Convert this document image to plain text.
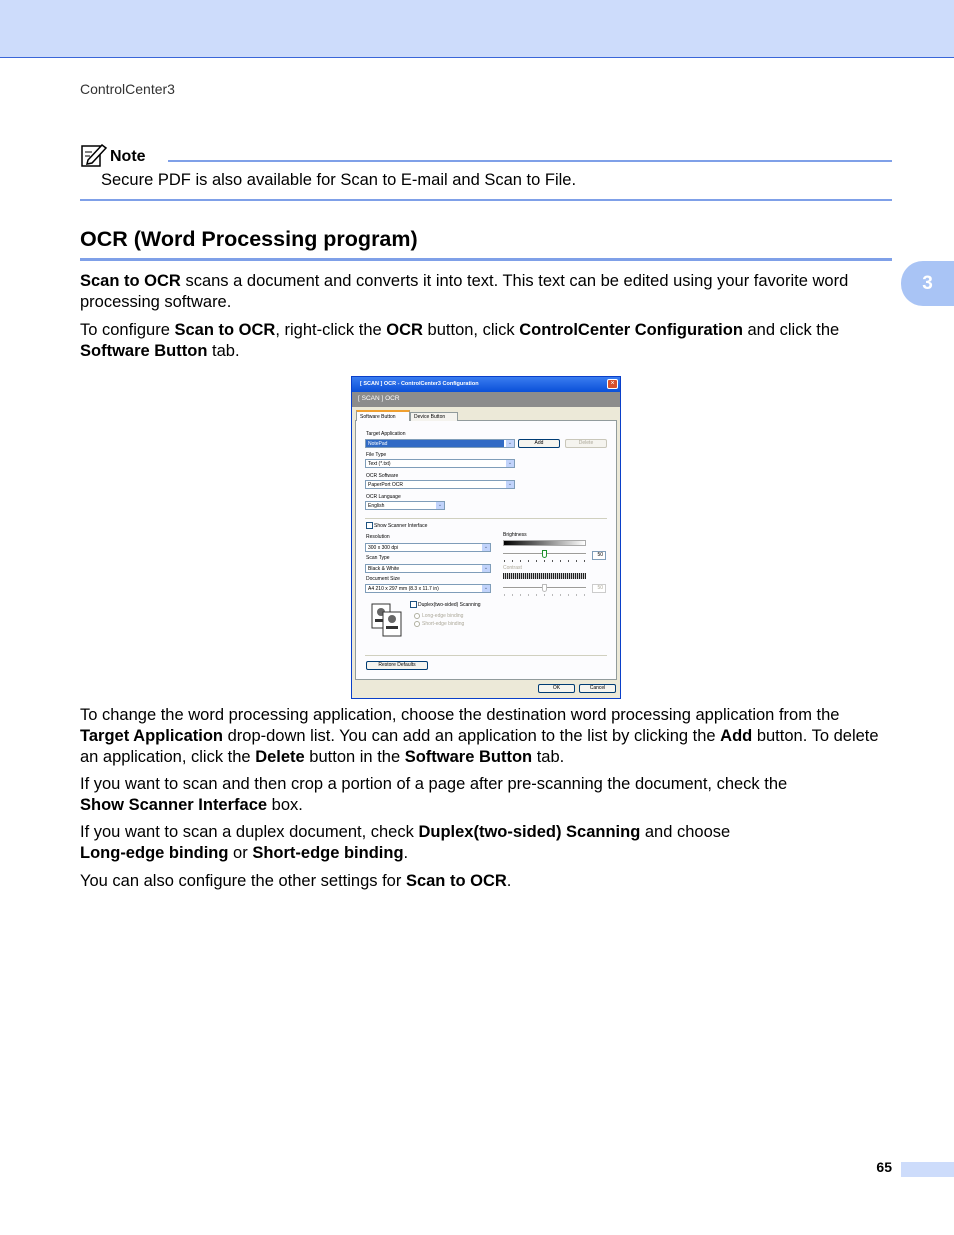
ControlCenter3
Note
Secure PDF is also available for Scan to E-mail and Scan to File.
OCR (Word Processing program)
3
Scan to OCR scans a document and converts it into text. This text can be edited using your favorite word processing software.
To configure Scan to OCR, right-click the OCR button, click ControlCenter Configuration and click the
Software Button tab.
[ SCAN ] OCR - ControlCenter3 Configuration	×
[ SCAN ] OCR
Software Button	Device Button
Target Application
NotePad	⌄	Add	Delete
File Type
Text (*.txt)	⌄
OCR Software
PaperPort OCR	⌄
OCR Language
English	⌄
Show Scanner Interface
Resolution
300 x 300 dpi	⌄
Scan Type
Black & White	⌄
Document Size
A4 210 x 297 mm (8.3 x 11.7 in)	⌄
Duplex(two-sided) Scanning
Long-edge binding
Short-edge binding
Brightness
50
Contrast
50
Restore Defaults
OK	Cancel
To change the word processing application, choose the destination word processing application from the Target Application drop-down list. You can add an application to the list by clicking the Add button. To delete an application, click the Delete button in the Software Button tab.
If you want to scan and then crop a portion of a page after pre-scanning the document, check the
Show Scanner Interface box.
If you want to scan a duplex document, check Duplex(two-sided) Scanning and choose
Long-edge binding or Short-edge binding.
You can also configure the other settings for Scan to OCR.
65
